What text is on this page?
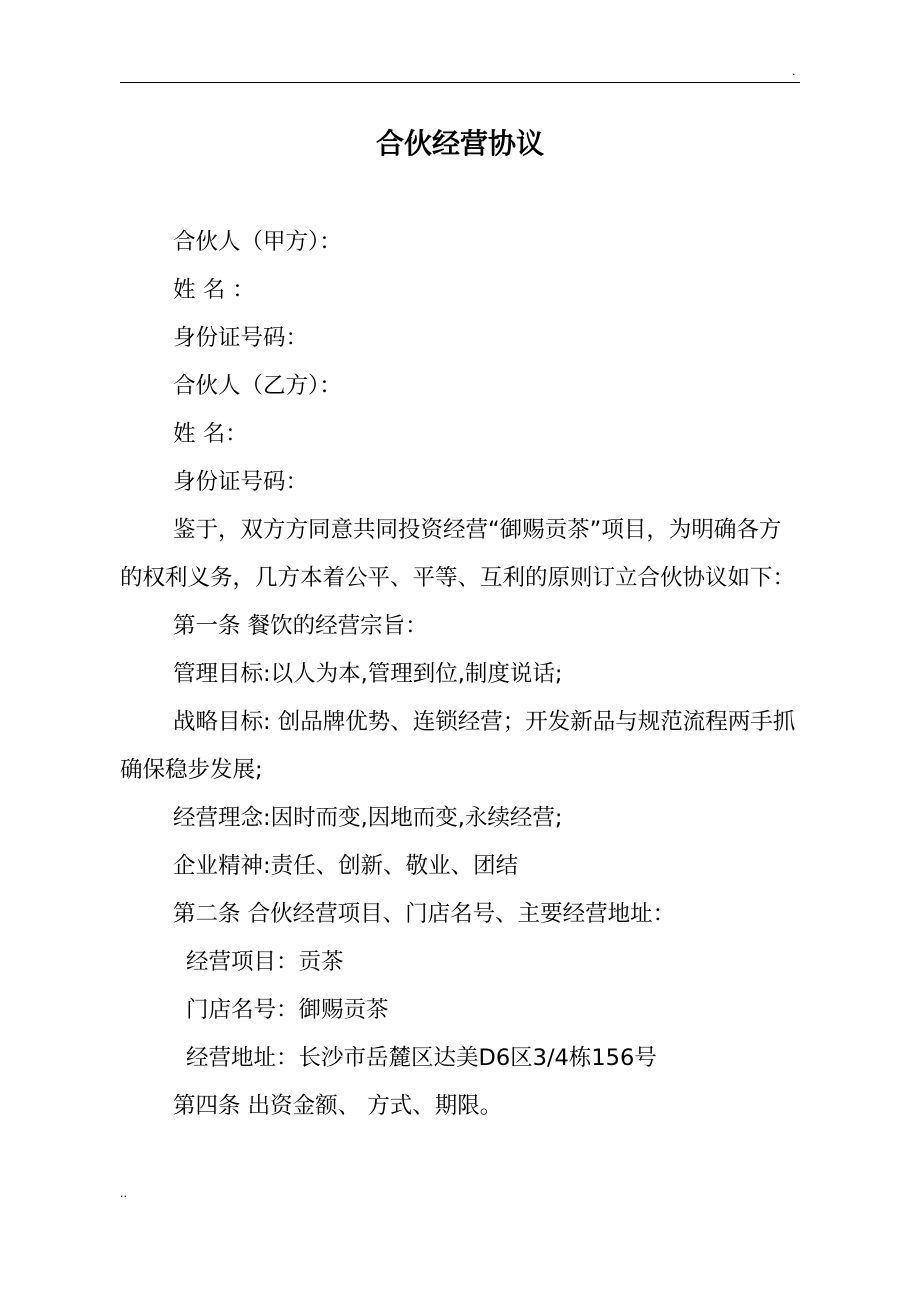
.
合伙经营协议

合伙人（甲方）：

姓 名 ：

身份证号码：

合伙人（乙方）：

姓 名：

身份证号码：

鉴于，双方方同意共同投资经营“御赐贡茶”项目，为明确各方的权利义务，几方本着公平、平等、互利的原则订立合伙协议如下：

第一条 餐饮的经营宗旨：

管理目标:以人为本,管理到位,制度说话;

战略目标: 创品牌优势、连锁经营；开发新品与规范流程两手抓确保稳步发展;

经营理念:因时而变,因地而变,永续经营;

企业精神:责任、创新、敬业、团结

第二条 合伙经营项目、门店名号、主要经营地址：

经营项目：贡茶

门店名号：御赐贡茶

经营地址：长沙市岳麓区达美D6区3/4栋156号

第四条 出资金额、 方式、期限。

..
